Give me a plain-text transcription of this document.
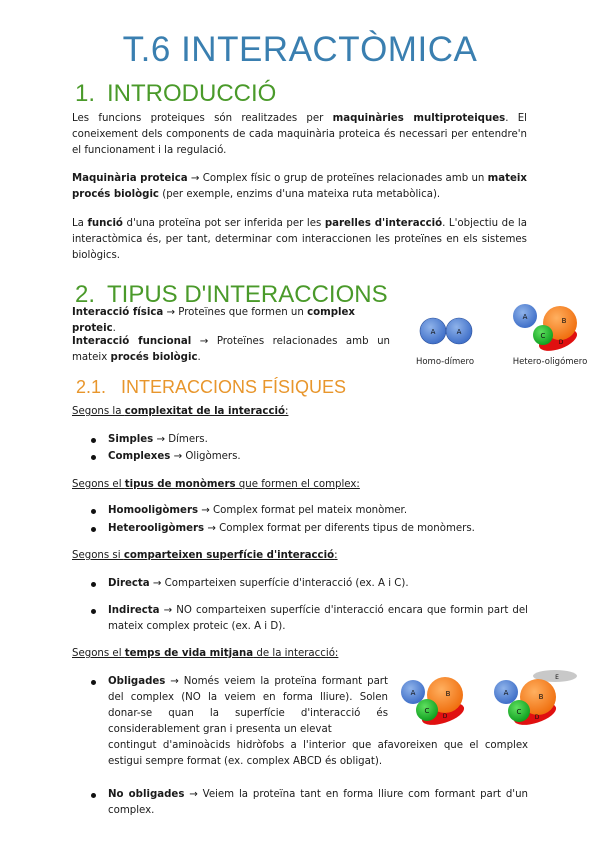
T.6 INTERACTÒMICA
1. INTRODUCCIÓ
Les funcions proteiques són realitzades per maquinàries multiproteiques. El coneixement dels components de cada maquinària proteica és necessari per entendre'n el funcionament i la regulació.
Maquinària proteica → Complex físic o grup de proteïnes relacionades amb un mateix procés biològic (per exemple, enzims d'una mateixa ruta metabòlica).
La funció d'una proteïna pot ser inferida per les parelles d'interacció. L'objectiu de la interactòmica és, per tant, determinar com interaccionen les proteïnes en els sistemes biològics.
2. TIPUS D'INTERACCIONS
Interacció física → Proteïnes que formen un complex proteic.
Interacció funcional → Proteïnes relacionades amb un mateix procés biològic.
A	A
Homo-dímero
A	B
C
D
Hetero-oligómero
2.1. INTERACCIONS FÍSIQUES
Segons la complexitat de la interacció:
Simples → Dímers.
Complexes → Oligòmers.
Segons el tipus de monòmers que formen el complex:
Homooligòmers → Complex format pel mateix monòmer.
Heterooligòmers → Complex format per diferents tipus de monòmers.
Segons si comparteixen superfície d'interacció:
Directa → Comparteixen superfície d'interacció (ex. A i C).
Indirecta → NO comparteixen superfície d'interacció encara que formin part del mateix complex proteic (ex. A i D).
Segons el temps de vida mitjana de la interacció:
Obligades → Només veiem la proteïna formant part del complex (NO la veiem en forma lliure). Solen donar-se quan la superfície d'interacció és considerablement gran i presenta un elevat
contingut d'aminoàcids hidròfobs a l'interior que afavoreixen que el complex estigui sempre format (ex. complex ABCD és obligat).
A	B
C
D
E
A	B
C
D
No obligades → Veiem la proteïna tant en forma lliure com formant part d'un complex.
